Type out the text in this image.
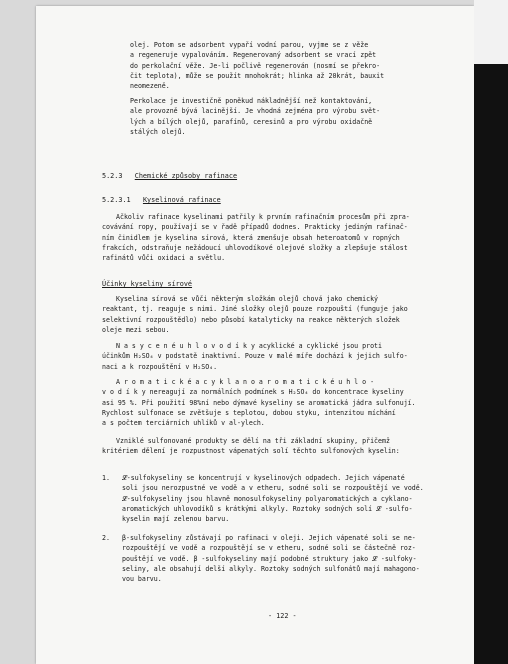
olej. Potom se adsorbent vypaří vodní parou, vyjme se z věže
a regeneruje vypalováním. Regenerovaný adsorbent se vrací zpět
do perkolační věže. Je-li počlivě regenerován (nosmí se překro-
čit teplota), může se použít mnohokrát; hlinka až 20krát, bauxit
neomezeně.
Perkolace je investičně poněkud nákladnější než kontaktování,
ale provozně bývá lacinější. Je vhodná zejména pro výrobu svět-
lých a bílých olejů, parafínů, ceresinů a pro výrobu oxidačně
stálých olejů.
5.2.3 Chemické způsoby rafinace
5.2.3.1 Kyselinová rafinace
Ačkoliv rafinace kyselinami patřily k prvním rafinačním procesům při zpra-
covávání ropy, používají se v řadě případů dodnes. Prakticky jediným rafinač-
ním činidlem je kyselina sírová, která zmenšuje obsah heteroatomů v ropných
frakcích, odstraňuje nežádoucí uhlovodíkové olejové složky a zlepšuje stálost
rafinátů vůči oxidaci a světlu.
Účinky kyseliny sírové
Kyselina sírová se vůči některým složkám olejů chová jako chemický
reaktant, tj. reaguje s nimi. Jiné složky olejů pouze rozpouští (funguje jako
selektivní rozpouštědlo) nebo působí katalyticky na reakce některých složek
oleje mezi sebou.
N a s y c e n é u h l o v o d í k y acyklické a cyklické jsou proti
účinkům H₂SO₄ v podstatě inaktivní. Pouze v malé míře dochází k jejich sulfo-
naci a k rozpouštění v H₂SO₄.
A r o m a t i c k é a c y k l a n o a r o m a t i c k é u h l o -
v o d í k y nereagují za normálních podmínek s H₂SO₄ do koncentrace kyseliny
asi 95 %. Při použití 98%ní nebo dýmavé kyseliny se aromatická jádra sulfonují.
Rychlost sulfonace se zvětšuje s teplotou, dobou styku, intenzitou míchání
a s počtem terciárních uhlíků v al-ylech.
Vzniklé sulfonované produkty se dělí na tři základní skupiny, přičemž
kritériem dělení je rozpustnost vápenatých solí těchto sulfonových kyselin:
1. 𝓛-sulfokyseliny se koncentrují v kyselinových odpadech. Jejich vápenaté
soli jsou nerozpustné ve vodě a v etheru, sodné soli se rozpouštějí ve vodě.
𝓛-sulfokyseliny jsou hlavně monosulfokyseliny polyaromatických a cyklano-
aromatických uhlovodíků s krátkými alkyly. Roztoky sodných solí 𝓛 -sulfo-
kyselin mají zelenou barvu.
2. β-sulfokyseliny zůstávají po rafinaci v oleji. Jejich vápenaté soli se ne-
rozpouštějí ve vodě a rozpouštějí se v etheru, sodné soli se částečně roz-
pouštějí ve vodě. β -sulfokyseliny mají podobné struktury jako 𝓛 -sulfoky-
seliny, ale obsahují delší alkyly. Roztoky sodných sulfonátů mají mahagono-
vou barvu.
- 122 -
